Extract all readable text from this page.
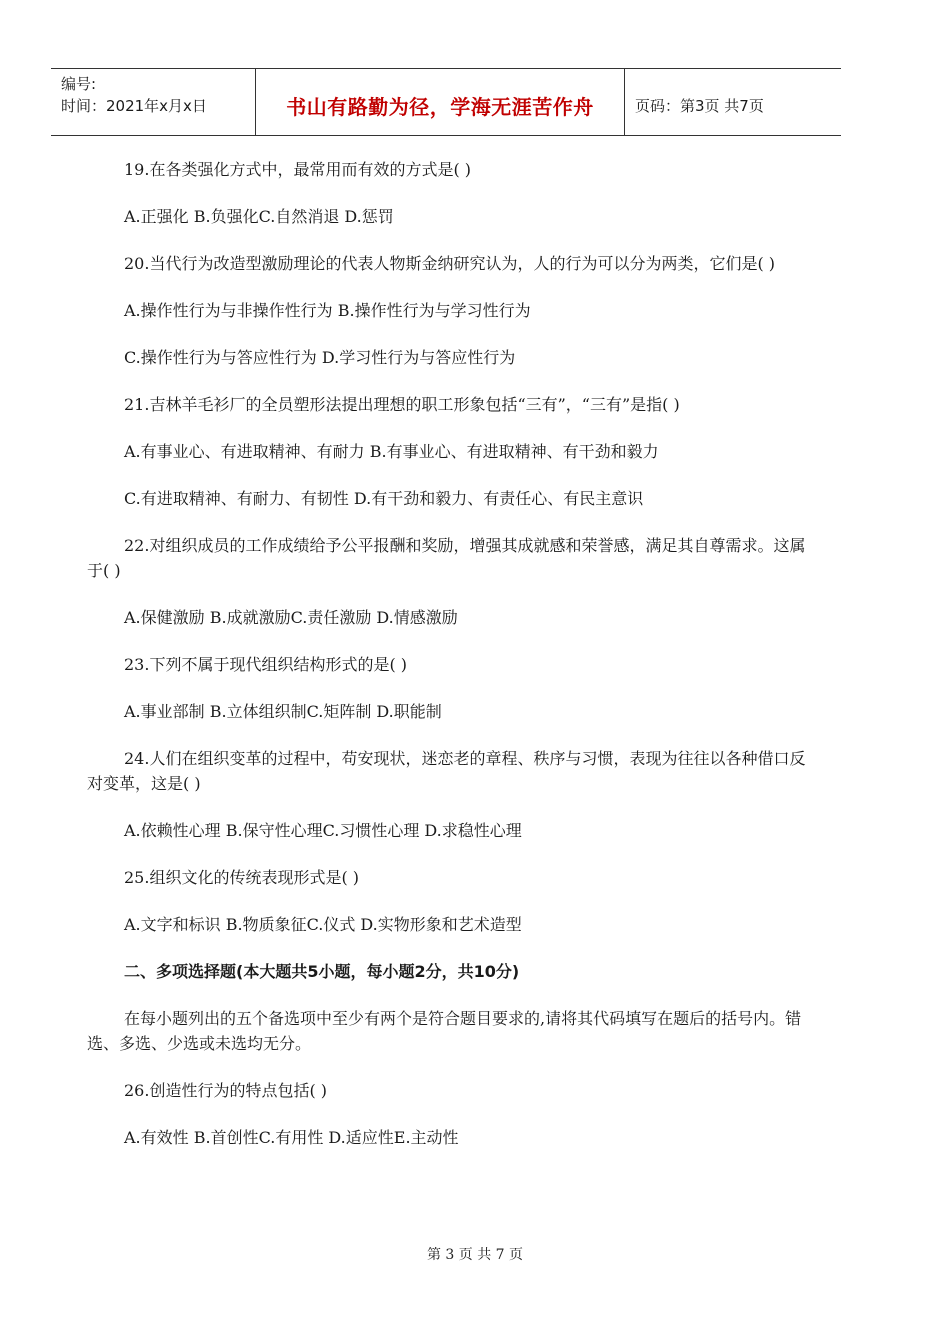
编号:
时间：2021年x月x日	书山有路勤为径，学海无涯苦作舟	页码：第3页 共7页

19.在各类强化方式中，最常用而有效的方式是( )

A.正强化 B.负强化C.自然消退 D.惩罚

20.当代行为改造型激励理论的代表人物斯金纳研究认为，人的行为可以分为两类，它们是( )

A.操作性行为与非操作性行为 B.操作性行为与学习性行为

C.操作性行为与答应性行为 D.学习性行为与答应性行为

21.吉林羊毛衫厂的全员塑形法提出理想的职工形象包括“三有”，“三有”是指( )

A.有事业心、有进取精神、有耐力 B.有事业心、有进取精神、有干劲和毅力

C.有进取精神、有耐力、有韧性 D.有干劲和毅力、有责任心、有民主意识

22.对组织成员的工作成绩给予公平报酬和奖励，增强其成就感和荣誉感，满足其自尊需求。这属于( )

A.保健激励 B.成就激励C.责任激励 D.情感激励

23.下列不属于现代组织结构形式的是( )

A.事业部制 B.立体组织制C.矩阵制 D.职能制

24.人们在组织变革的过程中，苟安现状，迷恋老的章程、秩序与习惯，表现为往往以各种借口反对变革，这是( )

A.依赖性心理 B.保守性心理C.习惯性心理 D.求稳性心理

25.组织文化的传统表现形式是( )

A.文字和标识 B.物质象征C.仪式 D.实物形象和艺术造型

二、多项选择题(本大题共5小题，每小题2分，共10分)

在每小题列出的五个备选项中至少有两个是符合题目要求的,请将其代码填写在题后的括号内。错选、多选、少选或未选均无分。

26.创造性行为的特点包括( )

A.有效性 B.首创性C.有用性 D.适应性E.主动性

第 3 页 共 7 页
